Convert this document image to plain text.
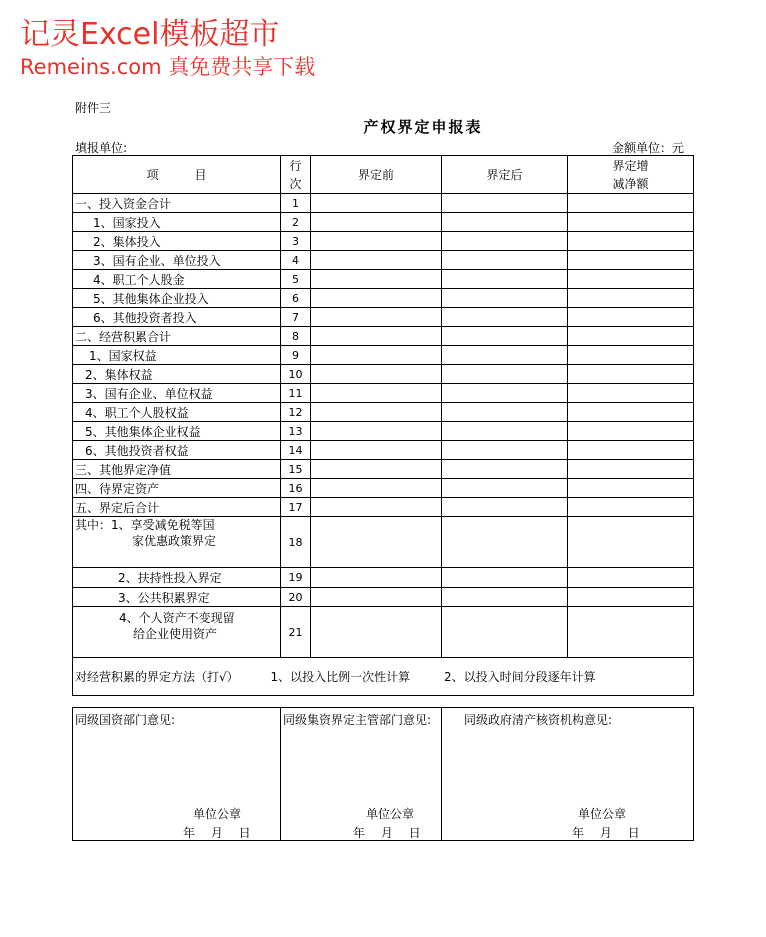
记灵Excel模板超市
Remeins.com 真免费共享下载
附件三
产权界定申报表
填报单位:	金额单位：元
项　　　目	行
次	界定前	界定后	界定增
减净额
一、投入资金合计	1			
1、国家投入	2			
2、集体投入	3			
3、国有企业、单位投入	4			
4、职工个人股金	5			
5、其他集体企业投入	6			
6、其他投资者投入	7			
二、经营积累合计	8			
1、国家权益	9			
2、集体权益	10			
3、国有企业、单位权益	11			
4、职工个人股权益	12			
5、其他集体企业权益	13			
6、其他投资者权益	14			
三、其他界定净值	15			
四、待界定资产	16			
五、界定后合计	17			
其中：1、享受减免税等国
家优惠政策界定	18			
2、扶持性投入界定	19			
3、公共积累界定	20			

4、个人资产不变现留
给企业使用资产	21			
对经营积累的界定方法（打√） 1、以投入比例一次性计算 2、以投入时间分段逐年计算				
同级国资部门意见:
单位公章
年　 月　 日

同级集资界定主管部门意见:
单位公章
年　 月　 日

同级政府清产核资机构意见:
单位公章
年　 月　 日
